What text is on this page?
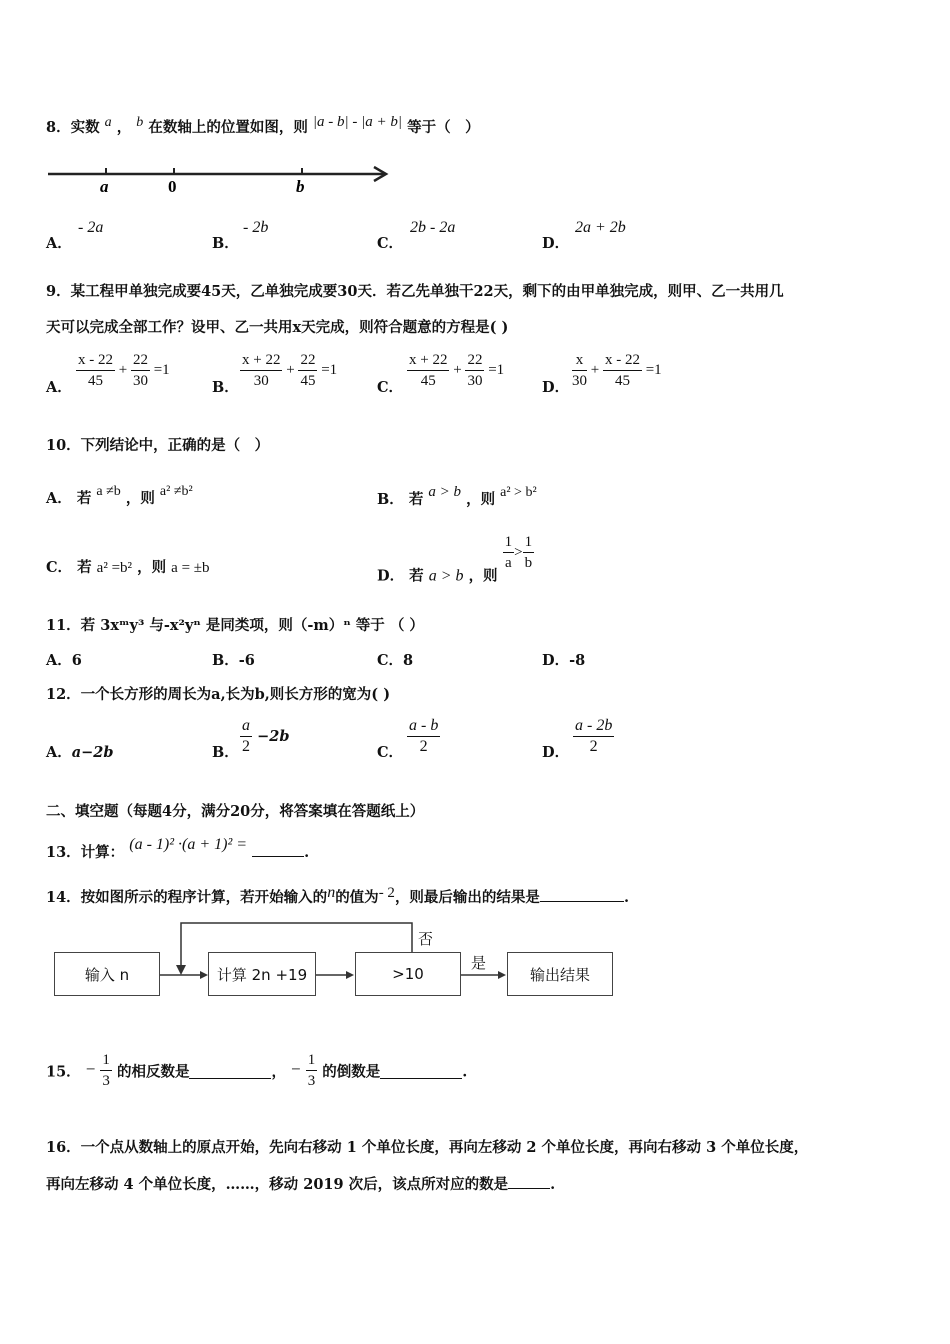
8．实数 $^a$ ， $^b$ 在数轴上的位置如图，则 $^{|a - b| - |a + b|}$ 等于（　）
a	0	b
A．
- 2a
B．
- 2b
C．
2b - 2a
D．
2a + 2b
9．某工程甲单独完成要45天，乙单独完成要30天．若乙先单独干22天，剩下的由甲单独完成，则甲、乙一共用几
天可以完成全部工作？设甲、乙一共用x天完成，则符合题意的方程是( )
A． $\frac{x - 22}{45} + \frac{22}{30} =1$
B． $\frac{x + 22}{30} + \frac{22}{45} =1$
C． $\frac{x + 22}{45} + \frac{22}{30} =1$
D． $\frac{x}{30} + \frac{x - 22}{45} =1$
10．下列结论中，正确的是（　）
A． 若 $^{a \ne b}$ ，则 $^{a^2 \ne b^2}$	B． 若 $^{a > b}$ ，则 $^{a^2 > b^2}$
C． 若 a² =b² ，则 a = ±b	D． 若 a > b ，则
$\frac{1}{a} > \frac{1}{b}$
11．若 3xᵐy³ 与-x²yⁿ 是同类项，则（-m）ⁿ 等于 （ ）
A．6	B．-6	C．8	D．-8
12．一个长方形的周长为a,长为b,则长方形的宽为( )
A．a−2b	B． $\frac{a}{2} -2b$
C． $\frac{a - b}{2}$	D． $\frac{a - 2b}{2}$
二、填空题（每题4分，满分20分，将答案填在答题纸上）
13．计算： $^{(a - 1)^2 \cdot(a + 1)^2 =}$	.
14．按如图所示的程序计算，若开始输入的$^n$的值为$^{- 2}$，则最后输出的结果是	.
输入 n	计算 2n +19	>10	输出结果
否
是
15． − $\frac{1}{3}$ 的相反数是	， − $\frac{1}{3}$ 的倒数是	.
16．一个点从数轴上的原点开始，先向右移动 1 个单位长度，再向左移动 2 个单位长度，再向右移动 3 个单位长度，
再向左移动 4 个单位长度，……，移动 2019 次后，该点所对应的数是	.
